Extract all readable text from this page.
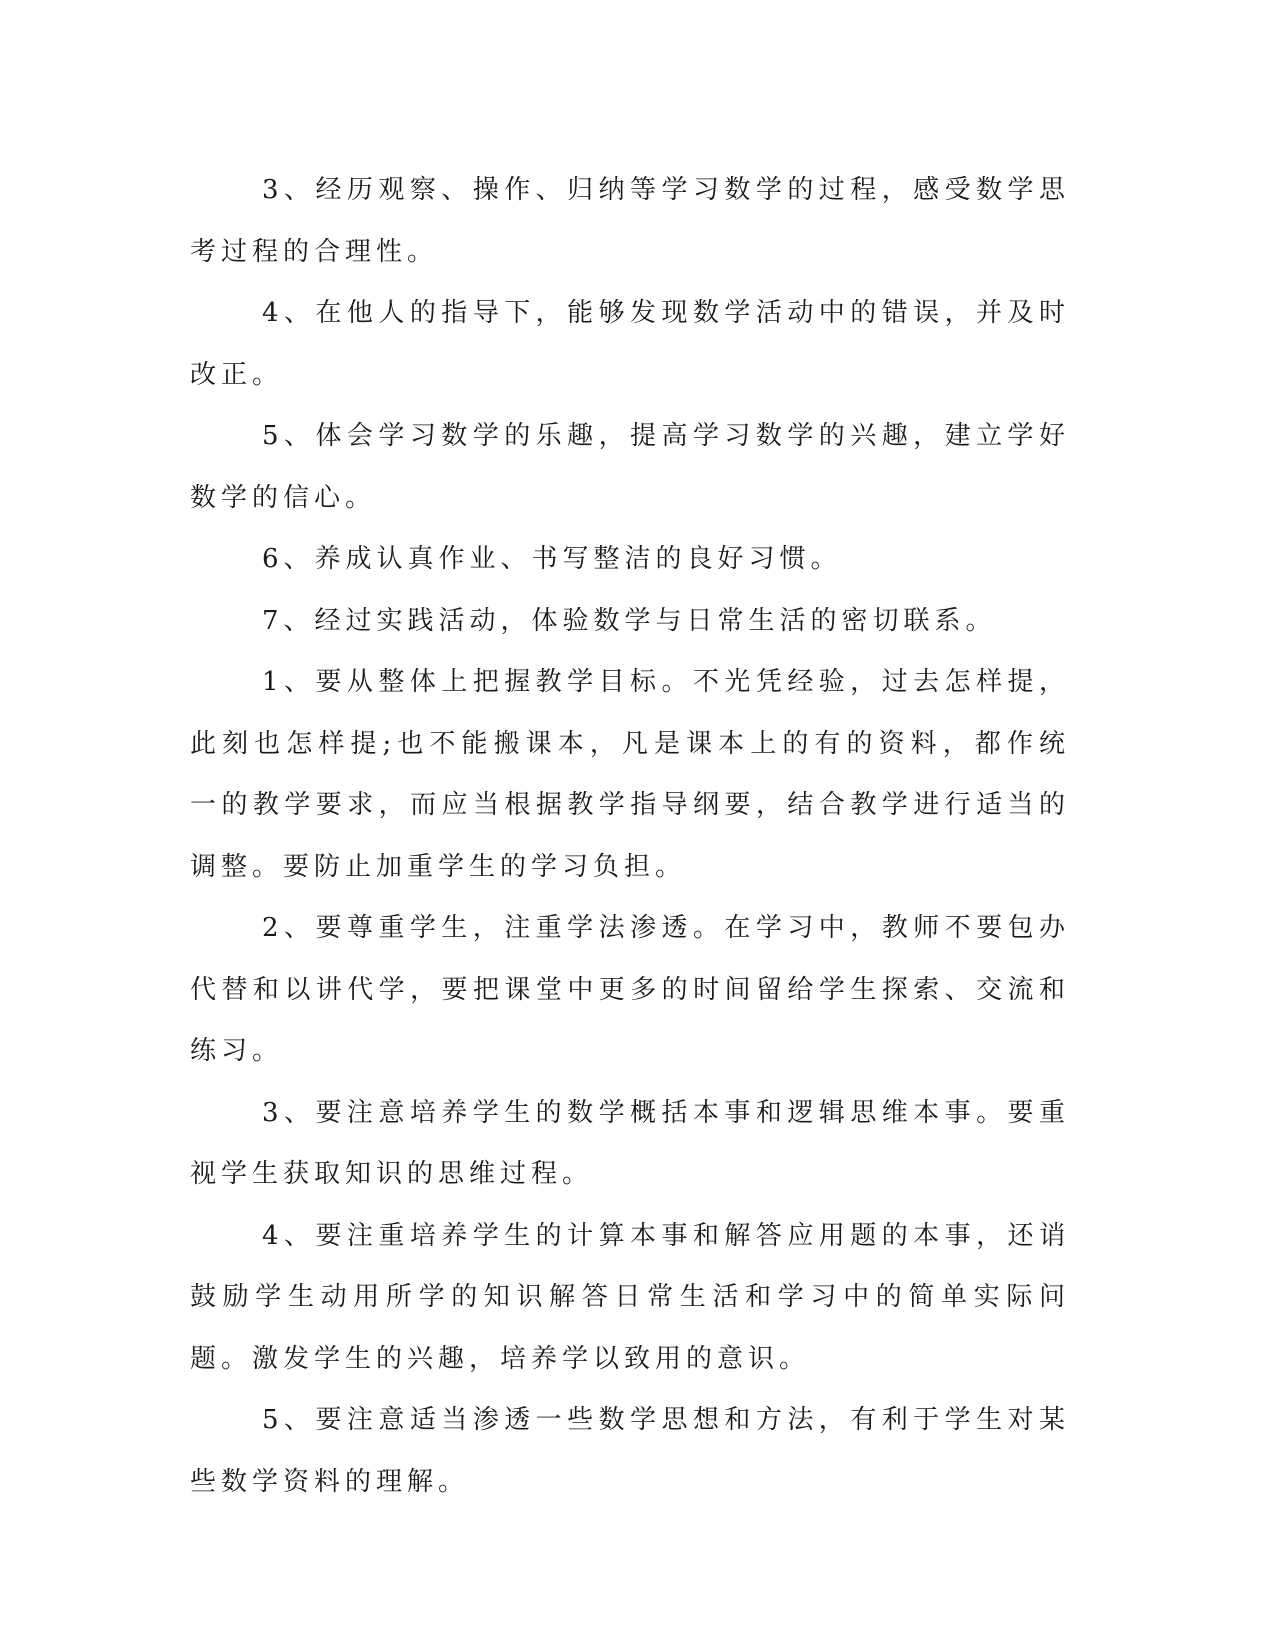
3、经历观察、操作、归纳等学习数学的过程，感受数学思考过程的合理性。

4、在他人的指导下，能够发现数学活动中的错误，并及时改正。

5、体会学习数学的乐趣，提高学习数学的兴趣，建立学好数学的信心。

6、养成认真作业、书写整洁的良好习惯。

7、经过实践活动，体验数学与日常生活的密切联系。

1、要从整体上把握教学目标。不光凭经验，过去怎样提，此刻也怎样提;也不能搬课本，凡是课本上的有的资料，都作统一的教学要求，而应当根据教学指导纲要，结合教学进行适当的调整。要防止加重学生的学习负担。

2、要尊重学生，注重学法渗透。在学习中，教师不要包办代替和以讲代学，要把课堂中更多的时间留给学生探索、交流和练习。

3、要注意培养学生的数学概括本事和逻辑思维本事。要重视学生获取知识的思维过程。

4、要注重培养学生的计算本事和解答应用题的本事，还诮鼓励学生动用所学的知识解答日常生活和学习中的简单实际问题。激发学生的兴趣，培养学以致用的意识。

5、要注意适当渗透一些数学思想和方法，有利于学生对某些数学资料的理解。
